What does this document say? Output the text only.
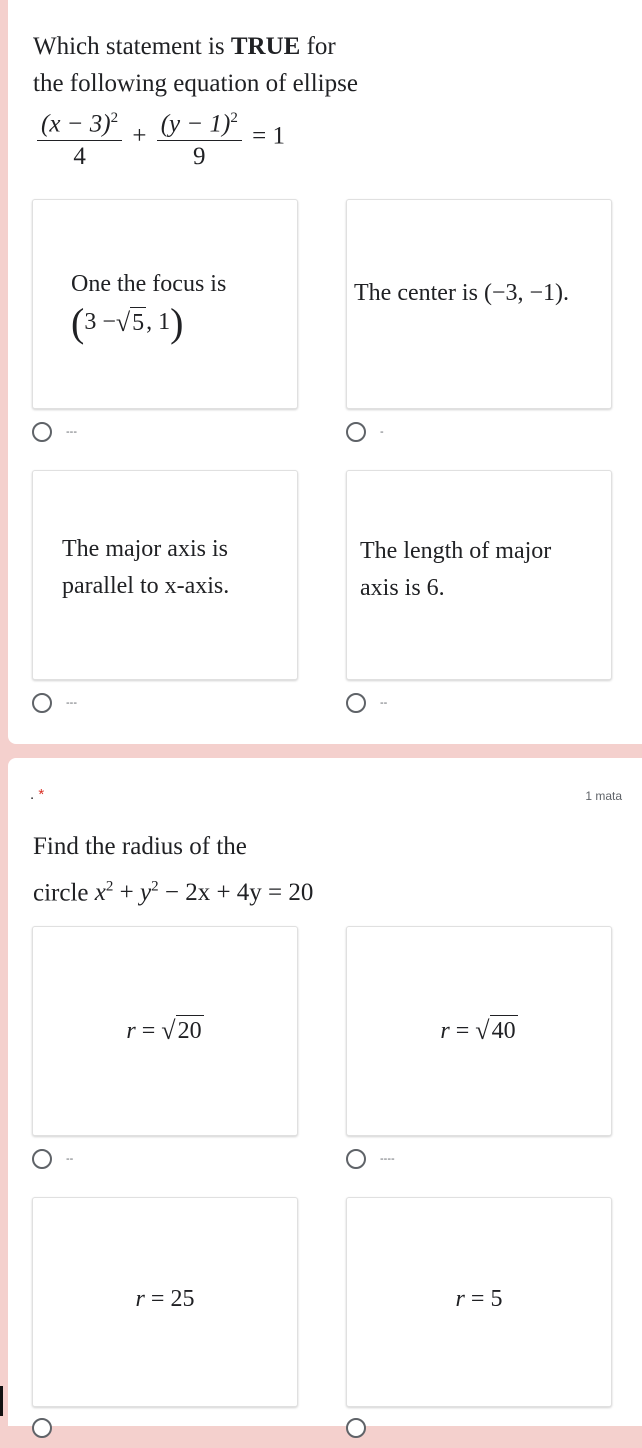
Which statement is TRUE for
the following equation of ellipse
$\frac{(x - 3)^2}{4} + \frac{(y - 1)^2}{9} = 1$
One the focus is
( 3 − √ 5 , 1 )
---
The center is (−3, −1).
-
The major axis is
parallel to x-axis.
---
The length of major
axis is 6.
--
. *	1 mata
Find the radius of the
circle $x^2 + y^2 - 2x + 4y = 20$
r = √ 20
--
r = √ 40
----
r = 25	r = 5
